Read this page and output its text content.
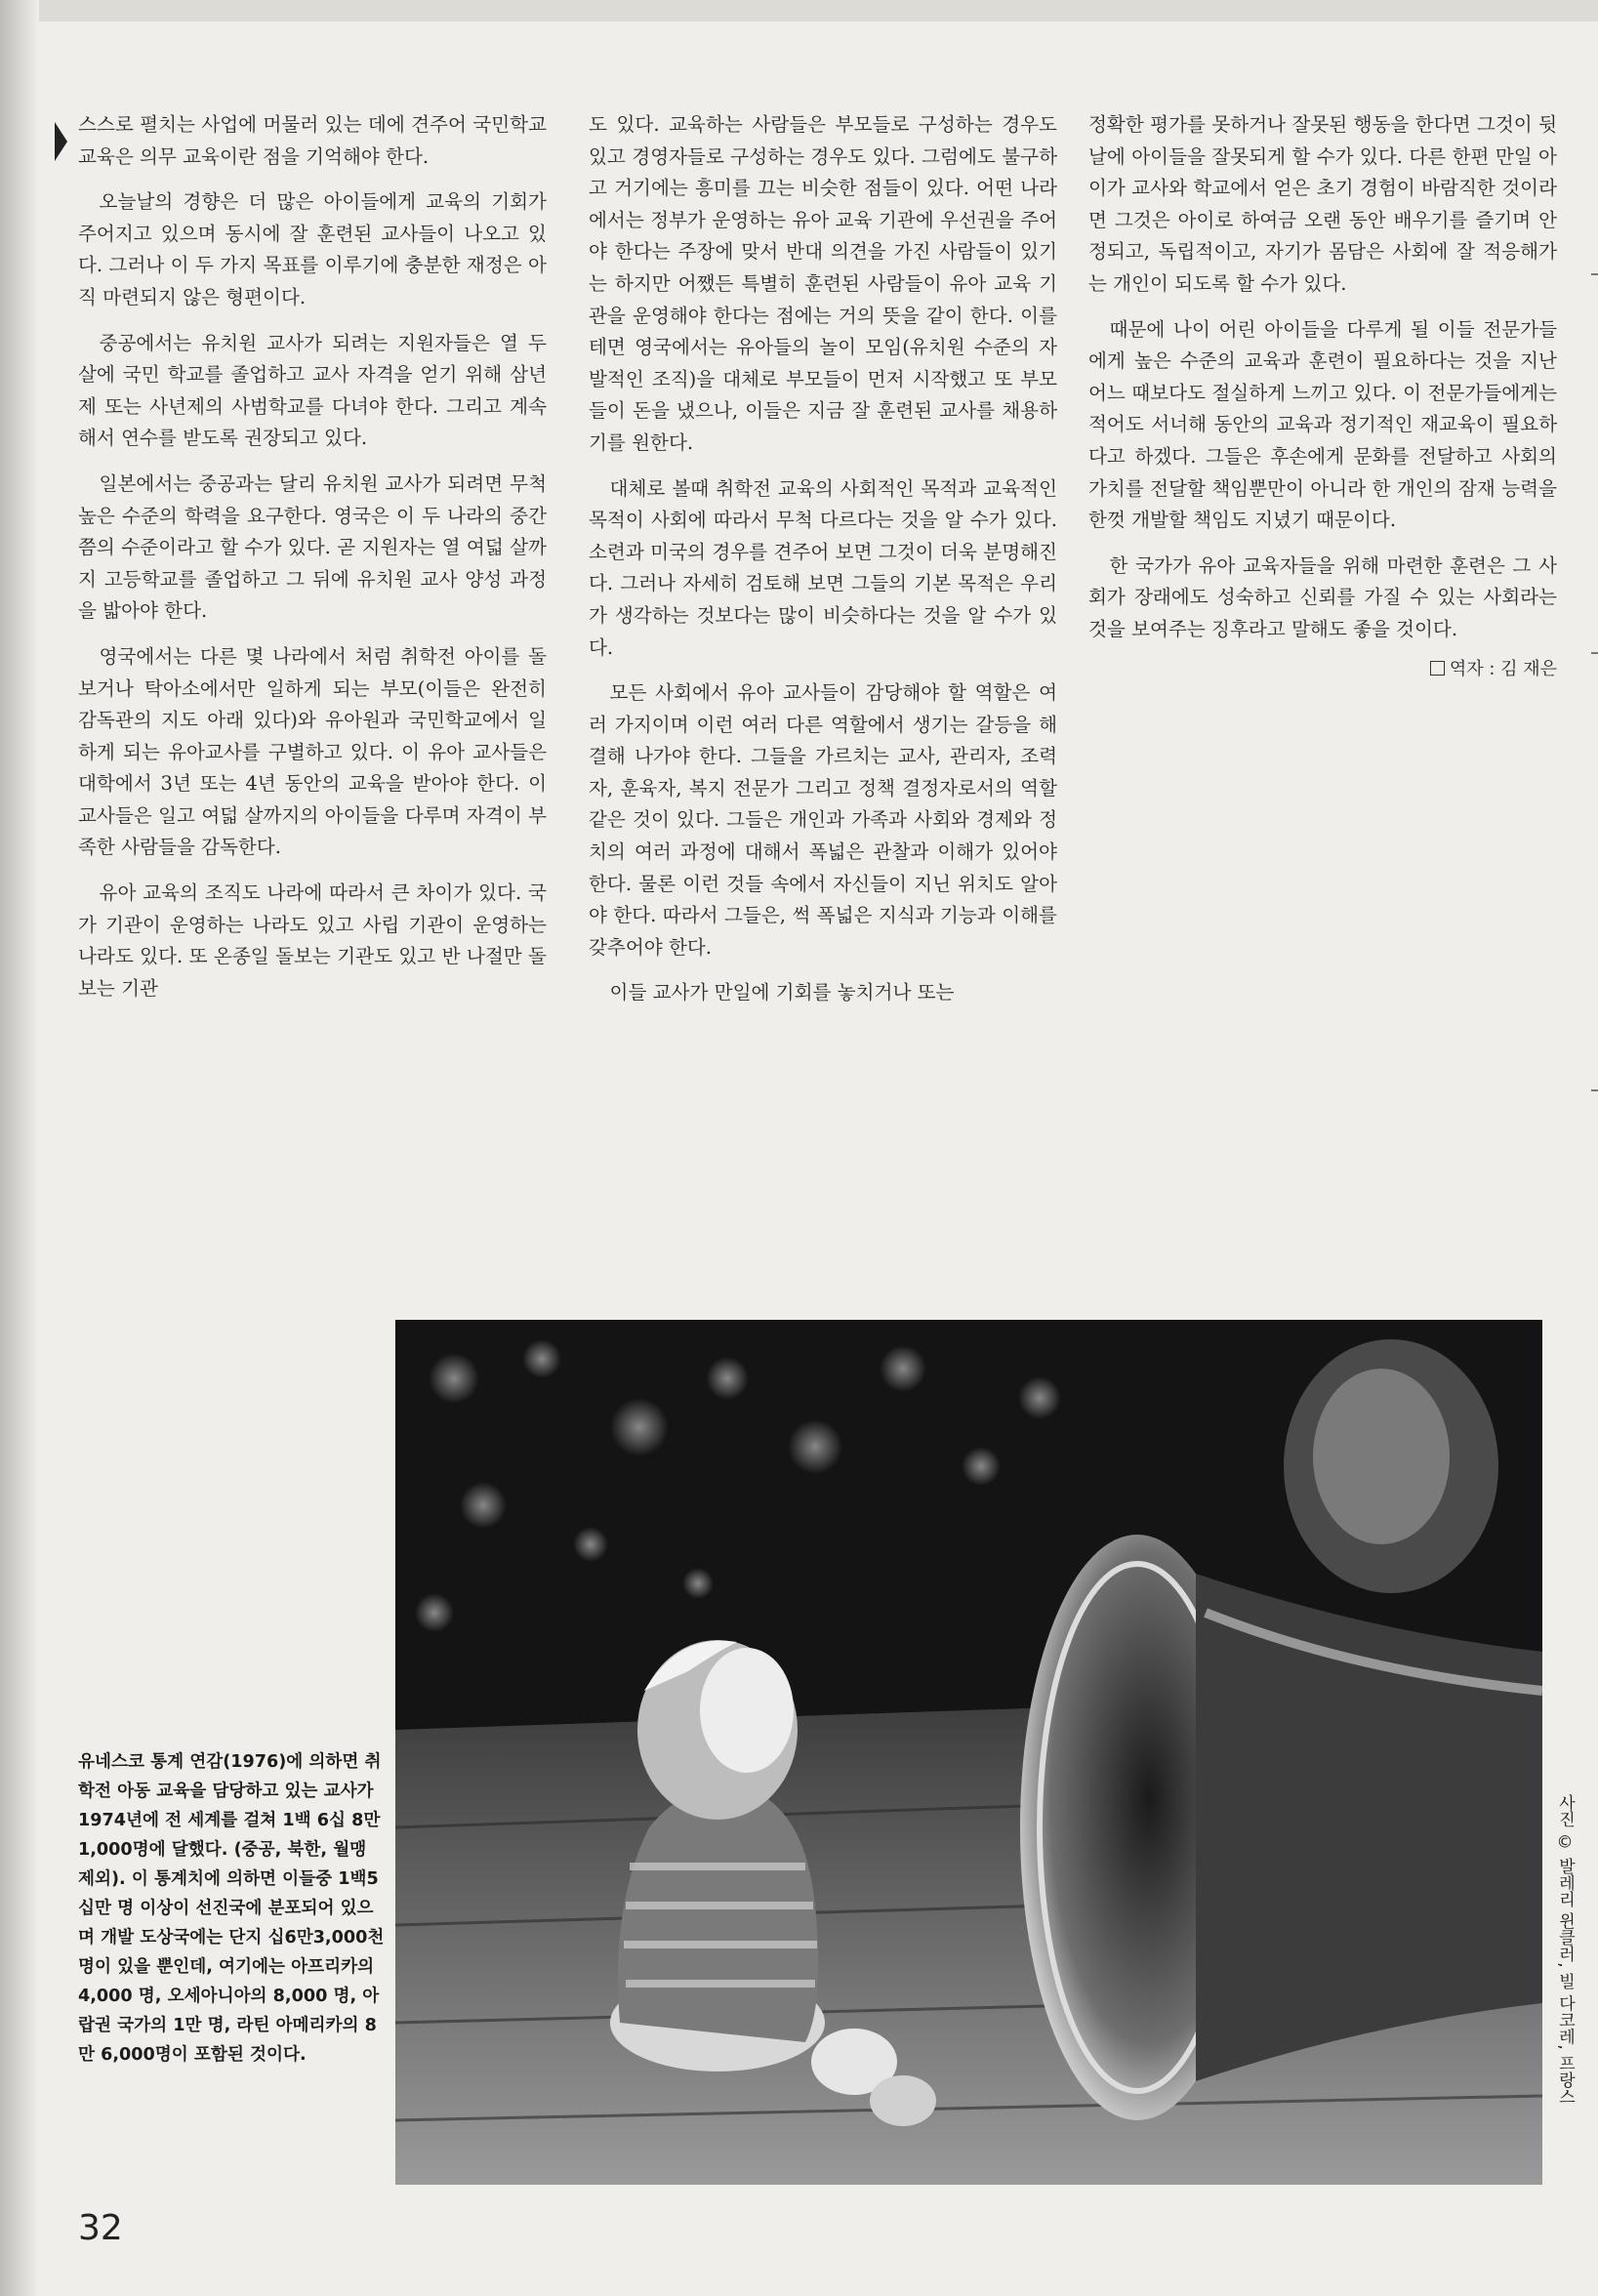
스스로 펼치는 사업에 머물러 있는 데에 견주어 국민학교 교육은 의무 교육이란 점을 기억해야 한다.

오늘날의 경향은 더 많은 아이들에게 교육의 기회가 주어지고 있으며 동시에 잘 훈련된 교사들이 나오고 있다. 그러나 이 두 가지 목표를 이루기에 충분한 재정은 아직 마련되지 않은 형편이다.

중공에서는 유치원 교사가 되려는 지원자들은 열 두 살에 국민 학교를 졸업하고 교사 자격을 얻기 위해 삼년제 또는 사년제의 사범학교를 다녀야 한다. 그리고 계속해서 연수를 받도록 권장되고 있다.

일본에서는 중공과는 달리 유치원 교사가 되려면 무척 높은 수준의 학력을 요구한다. 영국은 이 두 나라의 중간쯤의 수준이라고 할 수가 있다. 곧 지원자는 열 여덟 살까지 고등학교를 졸업하고 그 뒤에 유치원 교사 양성 과정을 밟아야 한다.

영국에서는 다른 몇 나라에서 처럼 취학전 아이를 돌보거나 탁아소에서만 일하게 되는 부모(이들은 완전히 감독관의 지도 아래 있다)와 유아원과 국민학교에서 일하게 되는 유아교사를 구별하고 있다. 이 유아 교사들은 대학에서 3년 또는 4년 동안의 교육을 받아야 한다. 이 교사들은 일고 여덟 살까지의 아이들을 다루며 자격이 부족한 사람들을 감독한다.

유아 교육의 조직도 나라에 따라서 큰 차이가 있다. 국가 기관이 운영하는 나라도 있고 사립 기관이 운영하는 나라도 있다. 또 온종일 돌보는 기관도 있고 반 나절만 돌보는 기관

도 있다. 교육하는 사람들은 부모들로 구성하는 경우도 있고 경영자들로 구성하는 경우도 있다. 그럼에도 불구하고 거기에는 흥미를 끄는 비슷한 점들이 있다. 어떤 나라에서는 정부가 운영하는 유아 교육 기관에 우선권을 주어야 한다는 주장에 맞서 반대 의견을 가진 사람들이 있기는 하지만 어쨌든 특별히 훈련된 사람들이 유아 교육 기관을 운영해야 한다는 점에는 거의 뜻을 같이 한다. 이를테면 영국에서는 유아들의 놀이 모임(유치원 수준의 자발적인 조직)을 대체로 부모들이 먼저 시작했고 또 부모들이 돈을 냈으나, 이들은 지금 잘 훈련된 교사를 채용하기를 원한다.

대체로 볼때 취학전 교육의 사회적인 목적과 교육적인 목적이 사회에 따라서 무척 다르다는 것을 알 수가 있다. 소련과 미국의 경우를 견주어 보면 그것이 더욱 분명해진다. 그러나 자세히 검토해 보면 그들의 기본 목적은 우리가 생각하는 것보다는 많이 비슷하다는 것을 알 수가 있다.

모든 사회에서 유아 교사들이 감당해야 할 역할은 여러 가지이며 이런 여러 다른 역할에서 생기는 갈등을 해결해 나가야 한다. 그들을 가르치는 교사, 관리자, 조력자, 훈육자, 복지 전문가 그리고 정책 결정자로서의 역할 같은 것이 있다. 그들은 개인과 가족과 사회와 경제와 정치의 여러 과정에 대해서 폭넓은 관찰과 이해가 있어야 한다. 물론 이런 것들 속에서 자신들이 지닌 위치도 알아야 한다. 따라서 그들은, 썩 폭넓은 지식과 기능과 이해를 갖추어야 한다.

이들 교사가 만일에 기회를 놓치거나 또는

정확한 평가를 못하거나 잘못된 행동을 한다면 그것이 뒷날에 아이들을 잘못되게 할 수가 있다. 다른 한편 만일 아이가 교사와 학교에서 얻은 초기 경험이 바람직한 것이라면 그것은 아이로 하여금 오랜 동안 배우기를 즐기며 안정되고, 독립적이고, 자기가 몸담은 사회에 잘 적응해가는 개인이 되도록 할 수가 있다.

때문에 나이 어린 아이들을 다루게 될 이들 전문가들에게 높은 수준의 교육과 훈련이 필요하다는 것을 지난 어느 때보다도 절실하게 느끼고 있다. 이 전문가들에게는 적어도 서너해 동안의 교육과 정기적인 재교육이 필요하다고 하겠다. 그들은 후손에게 문화를 전달하고 사회의 가치를 전달할 책임뿐만이 아니라 한 개인의 잠재 능력을 한껏 개발할 책임도 지녔기 때문이다.

한 국가가 유아 교육자들을 위해 마련한 훈련은 그 사회가 장래에도 성숙하고 신뢰를 가질 수 있는 사회라는 것을 보여주는 징후라고 말해도 좋을 것이다.

역자 : 김 재은
유네스코 통계 연감(1976)에 의하면 취학전 아동 교육을 담당하고 있는 교사가 1974년에 전 세계를 걸쳐 1백 6십 8만 1,000명에 달했다. (중공, 북한, 월맹 제외). 이 통계치에 의하면 이들중 1백5십만 명 이상이 선진국에 분포되어 있으며 개발 도상국에는 단지 십6만3,000천 명이 있을 뿐인데, 여기에는 아프리카의 4,000 명, 오세아니아의 8,000 명, 아랍권 국가의 1만 명, 라틴 아메리카의 8만 6,000명이 포함된 것이다.	사진 © 발레리 윈클러, 빌 다코레, 프랑스
32
